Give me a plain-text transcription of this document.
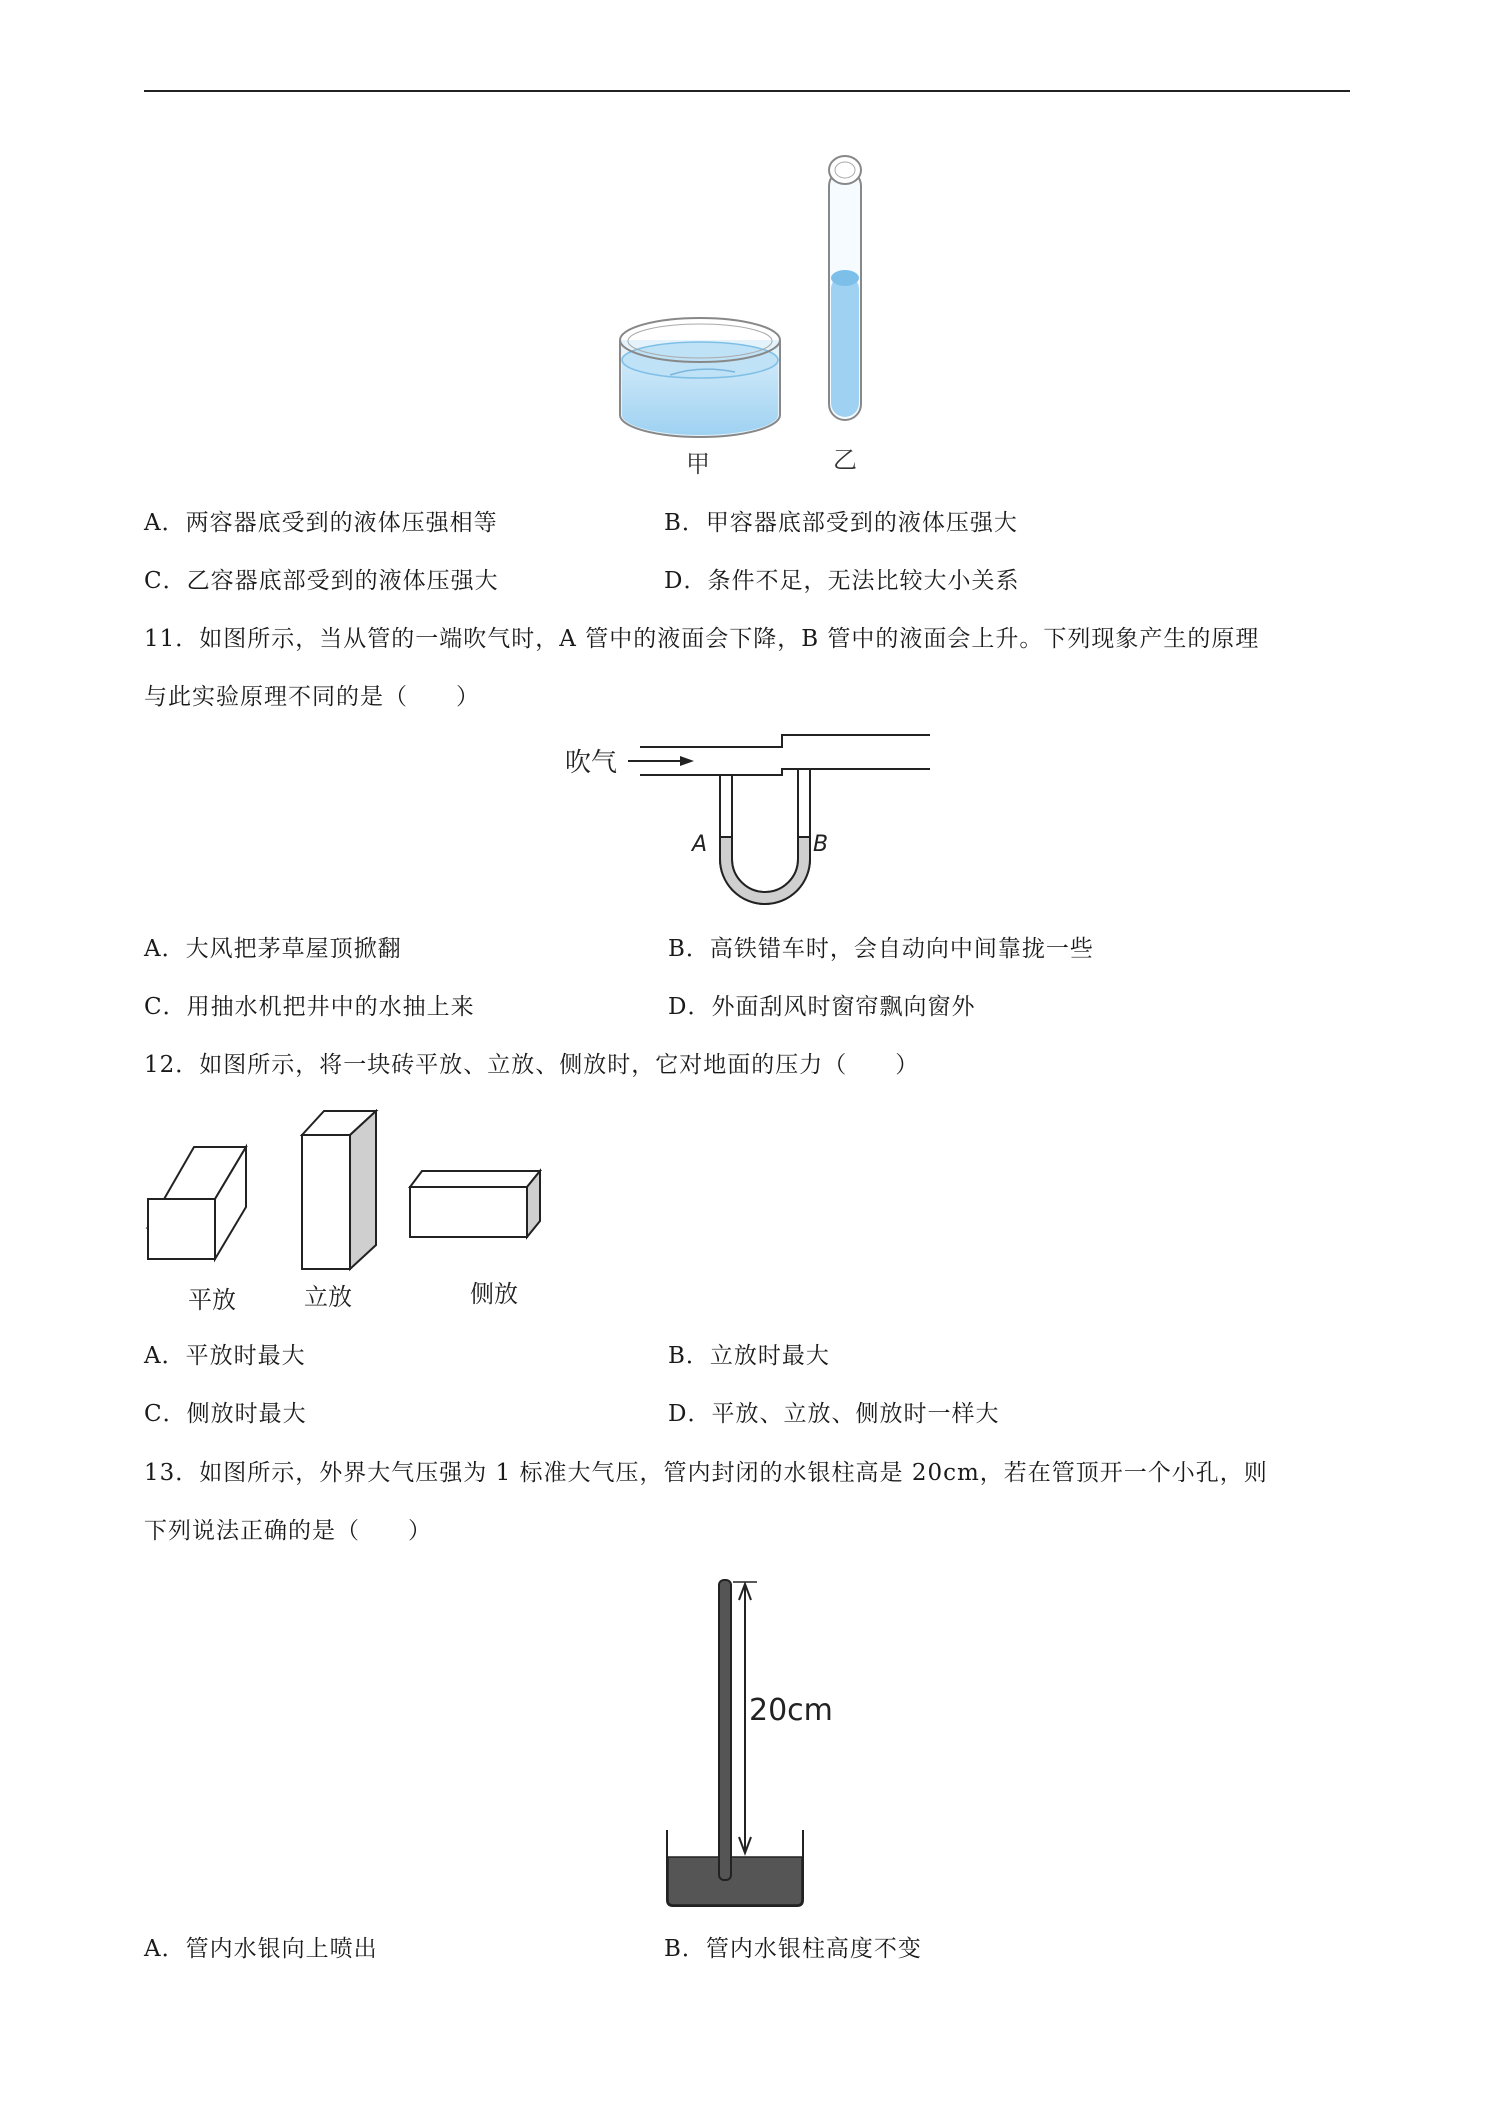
甲	乙
A．两容器底受到的液体压强相等	B．甲容器底部受到的液体压强大
C．乙容器底部受到的液体压强大	D．条件不足，无法比较大小关系
11．如图所示，当从管的一端吹气时，A 管中的液面会下降，B 管中的液面会上升。下列现象产生的原理
与此实验原理不同的是（　　）
吹气
A	B
A．大风把茅草屋顶掀翻	B．高铁错车时，会自动向中间靠拢一些
C．用抽水机把井中的水抽上来	D．外面刮风时窗帘飘向窗外
12．如图所示，将一块砖平放、立放、侧放时，它对地面的压力（　　）
平放	立放	侧放
A．平放时最大	B．立放时最大
C．侧放时最大	D．平放、立放、侧放时一样大
13．如图所示，外界大气压强为 1 标准大气压，管内封闭的水银柱高是 20cm，若在管顶开一个小孔，则
下列说法正确的是（　　）
20cm
A．管内水银向上喷出	B．管内水银柱高度不变
